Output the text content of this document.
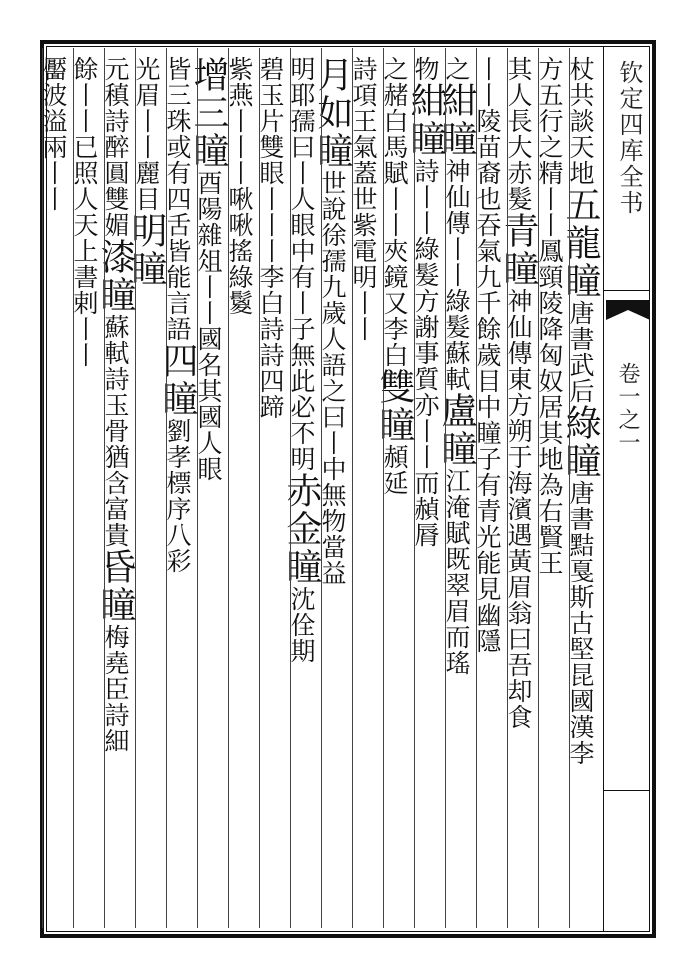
钦定四库全书
卷一之一
杖共談天地五龍瞳唐書武后綠瞳唐書黠戛斯古堅昆國漢李
方五行之精丨丨鳳頸陵降匈奴居其地為右賢王
其人長大赤髮青瞳神仙傳東方朔于海濱遇黃眉翁曰吾却食
丨丨陵苗裔也吞氣九千餘歲目中瞳子有青光能見幽隱
之紺瞳神仙傳丨丨綠髮蘇軾盧瞳江淹賦既翠眉而瑤
物紺瞳詩丨丨綠髮方謝事質亦丨丨而赬脣
之赭白馬賦丨丨夾鏡又李白雙瞳頳延
詩項王氣蓋世紫電明丨丨
月如瞳世說徐孺九歲人語之曰丨中無物當益
明耶孺曰丨人眼中有丨子無此必不明赤金瞳沈佺期
碧玉片雙眼丨丨丨李白詩詩四蹄
紫燕丨丨丨啾啾搖綠鬉
增三瞳酉陽雜俎丨丨國名其國人眼
皆三珠或有四舌皆能言語四瞳劉孝標序八彩
光眉丨丨麗目明瞳
元稹詩醉圓雙媚漆瞳蘇軾詩玉骨猶含富貴昏瞳梅堯臣詩細
餘丨丨已照人天上書剌丨丨
靨波溢兩丨丨
